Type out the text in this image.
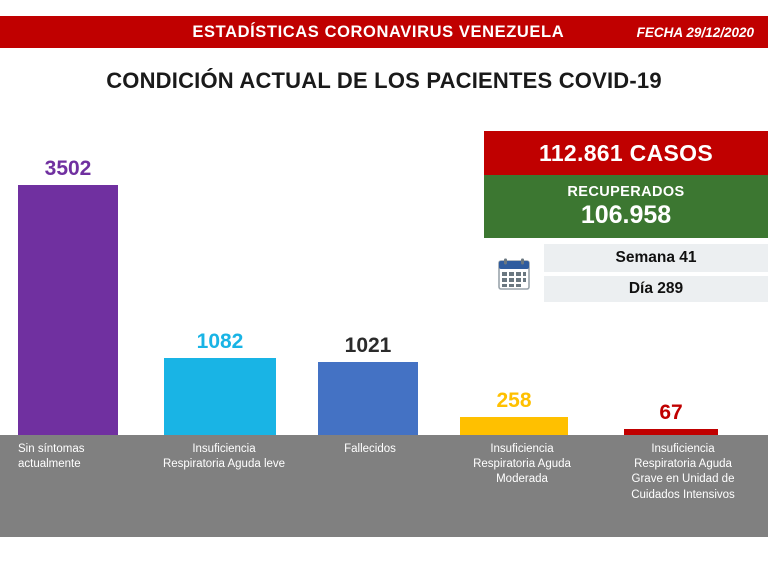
ESTADÍSTICAS CORONAVIRUS VENEZUELA	FECHA 29/12/2020
CONDICIÓN ACTUAL DE LOS PACIENTES COVID-19
112.861 CASOS
RECUPERADOS
106.958
Semana 41
Día 289
3502
1082	1021
258
67
Sin síntomas
actualmente
Insuficiencia
Respiratoria Aguda leve
Fallecidos	Insuficiencia
Respiratoria Aguda
Moderada
Insuficiencia
Respiratoria Aguda
Grave en Unidad de
Cuidados Intensivos
